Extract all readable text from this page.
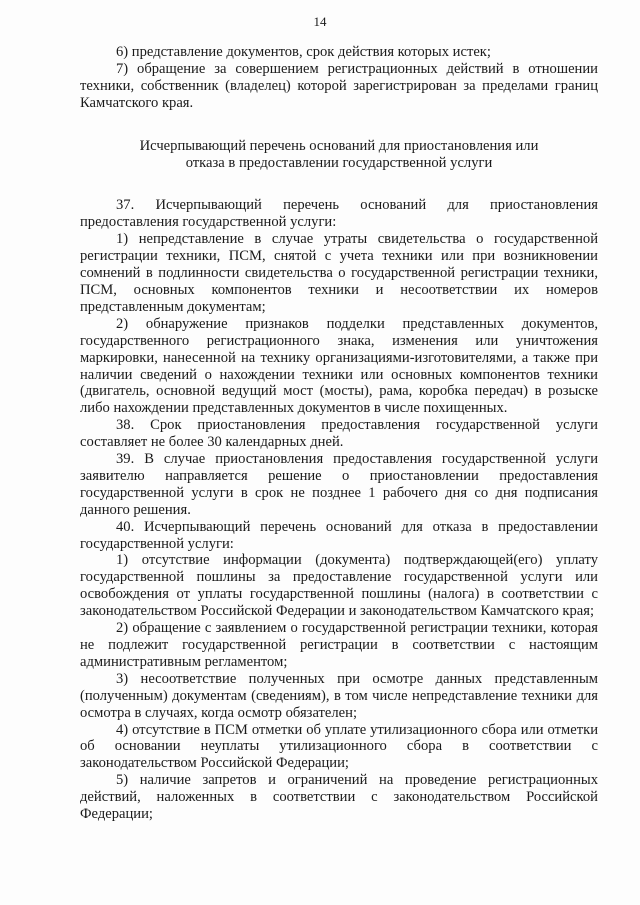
14

6) представление документов, срок действия которых истек;

7) обращение за совершением регистрационных действий в отношении техники, собственник (владелец) которой зарегистрирован за пределами границ Камчатского края.

Исчерпывающий перечень оснований для приостановления или
отказа в предоставлении государственной услуги

37. Исчерпывающий перечень оснований для приостановления предоставления государственной услуги:

1) непредставление в случае утраты свидетельства о государственной регистрации техники, ПСМ, снятой с учета техники или при возникновении сомнений в подлинности свидетельства о государственной регистрации техники, ПСМ, основных компонентов техники и несоответствии их номеров представленным документам;

2) обнаружение признаков подделки представленных документов, государственного регистрационного знака, изменения или уничтожения маркировки, нанесенной на технику организациями-изготовителями, а также при наличии сведений о нахождении техники или основных компонентов техники (двигатель, основной ведущий мост (мосты), рама, коробка передач) в розыске либо нахождении представленных документов в числе похищенных.

38. Срок приостановления предоставления государственной услуги составляет не более 30 календарных дней.

39. В случае приостановления предоставления государственной услуги заявителю направляется решение о приостановлении предоставления государственной услуги в срок не позднее 1 рабочего дня со дня подписания данного решения.

40. Исчерпывающий перечень оснований для отказа в предоставлении государственной услуги:

1) отсутствие информации (документа) подтверждающей(его) уплату государственной пошлины за предоставление государственной услуги или освобождения от уплаты государственной пошлины (налога) в соответствии с законодательством Российской Федерации и законодательством Камчатского края;

2) обращение с заявлением о государственной регистрации техники, которая не подлежит государственной регистрации в соответствии с настоящим административным регламентом;

3) несоответствие полученных при осмотре данных представленным (полученным) документам (сведениям), в том числе непредставление техники для осмотра в случаях, когда осмотр обязателен;

4) отсутствие в ПСМ отметки об уплате утилизационного сбора или отметки об основании неуплаты утилизационного сбора в соответствии с законодательством Российской Федерации;

5) наличие запретов и ограничений на проведение регистрационных действий, наложенных в соответствии с законодательством Российской Федерации;
